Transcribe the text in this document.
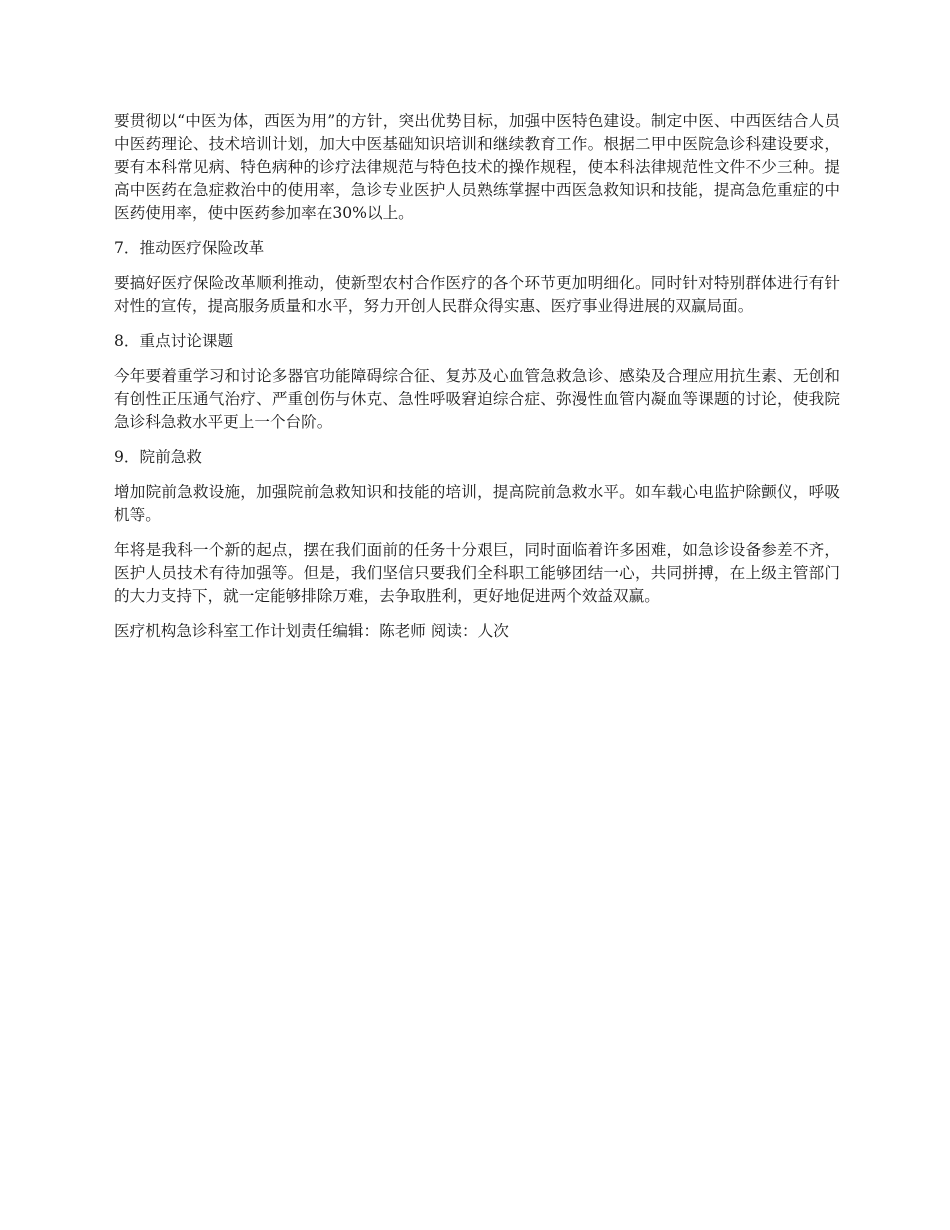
要贯彻以“中医为体，西医为用”的方针，突出优势目标，加强中医特色建设。制定中医、中西医结合人员中医药理论、技术培训计划，加大中医基础知识培训和继续教育工作。根据二甲中医院急诊科建设要求，要有本科常见病、特色病种的诊疗法律规范与特色技术的操作规程，使本科法律规范性文件不少三种。提高中医药在急症救治中的使用率，急诊专业医护人员熟练掌握中西医急救知识和技能，提高急危重症的中医药使用率，使中医药参加率在30%以上。

7．推动医疗保险改革

要搞好医疗保险改革顺利推动，使新型农村合作医疗的各个环节更加明细化。同时针对特别群体进行有针对性的宣传，提高服务质量和水平，努力开创人民群众得实惠、医疗事业得进展的双赢局面。

8．重点讨论课题

今年要着重学习和讨论多器官功能障碍综合征、复苏及心血管急救急诊、感染及合理应用抗生素、无创和有创性正压通气治疗、严重创伤与休克、急性呼吸窘迫综合症、弥漫性血管内凝血等课题的讨论，使我院急诊科急救水平更上一个台阶。

9．院前急救

增加院前急救设施，加强院前急救知识和技能的培训，提高院前急救水平。如车载心电监护除颤仪，呼吸机等。

年将是我科一个新的起点，摆在我们面前的任务十分艰巨，同时面临着许多困难，如急诊设备参差不齐，医护人员技术有待加强等。但是，我们坚信只要我们全科职工能够团结一心，共同拼搏，在上级主管部门的大力支持下，就一定能够排除万难，去争取胜利，更好地促进两个效益双赢。

医疗机构急诊科室工作计划责任编辑：陈老师 阅读：人次
